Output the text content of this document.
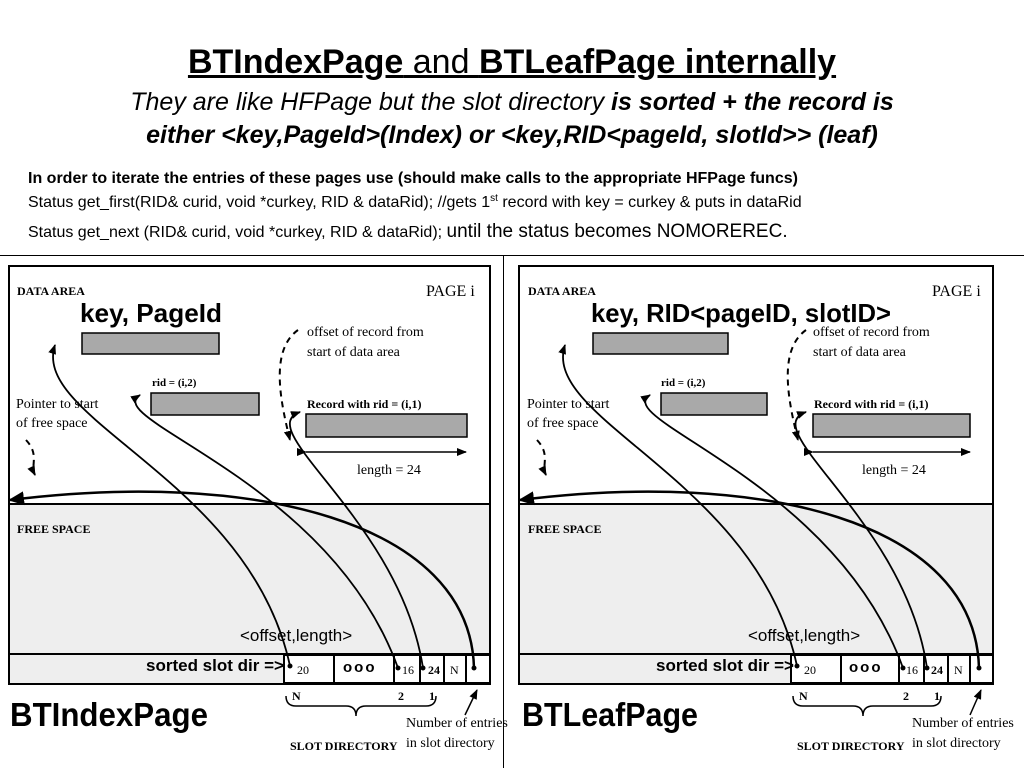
BTIndexPage and BTLeafPage internally
They are like HFPage but the slot directory is sorted + the record is
either <key,PageId>(Index) or <key,RID<pageId, slotId>> (leaf)
In order to iterate the entries of these pages use (should make calls to the appropriate HFPage funcs)
Status get_first(RID& curid, void *curkey, RID & dataRid); //gets 1st record with key = curkey & puts in dataRid
Status get_next (RID& curid, void *curkey, RID & dataRid); until the status becomes NOMOREREC.
DATA AREA	PAGE i
key, PageId
offset of record from
start of data area
rid = (i,2)
Pointer to start
of free space
Record with rid = (i,1)
length = 24
FREE SPACE
<offset,length>
sorted slot dir => 20 ooo 16 24 N
N	2 1
BTIndexPage	Number of entries
in slot directory
SLOT DIRECTORY
DATA AREA	PAGE i
key, RID<pageID, slotID>
offset of record from
start of data area
rid = (i,2)
Pointer to start
of free space
Record with rid = (i,1)
length = 24
FREE SPACE
<offset,length>
sorted slot dir => 20 ooo 16 24 N
N	2 1
BTLeafPage	Number of entries
in slot directory
SLOT DIRECTORY
